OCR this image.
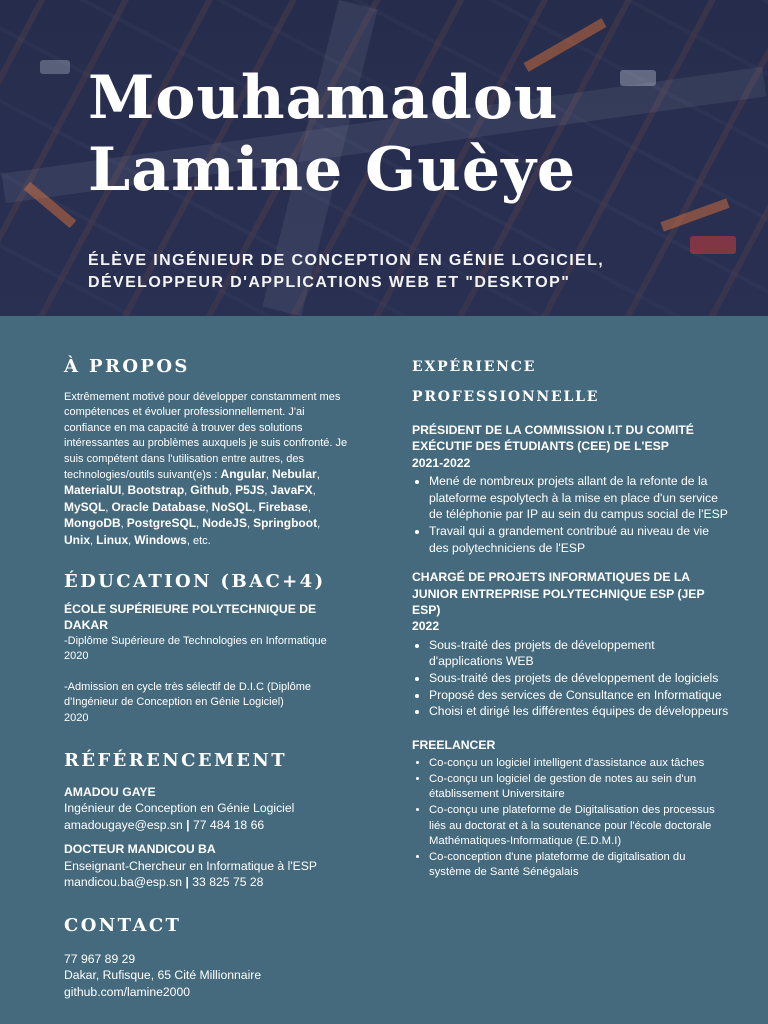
Mouhamadou
Lamine Guèye
ÉLÈVE INGÉNIEUR DE CONCEPTION EN GÉNIE LOGICIEL,
DÉVELOPPEUR D'APPLICATIONS WEB ET "DESKTOP"
À PROPOS

Extrêmement motivé pour développer constamment mes compétences et évoluer professionnellement. J'ai confiance en ma capacité à trouver des solutions intéressantes au problèmes auxquels je suis confronté. Je suis compétent dans l'utilisation entre autres, des technologies/outils suivant(e)s : Angular, Nebular, MaterialUI, Bootstrap, Github, P5JS, JavaFX, MySQL, Oracle Database, NoSQL, Firebase, MongoDB, PostgreSQL, NodeJS, Springboot, Unix, Linux, Windows, etc.

ÉDUCATION (BAC+4)

ÉCOLE SUPÉRIEURE POLYTECHNIQUE DE DAKAR

-Diplôme Supérieure de Technologies en Informatique 2020

-Admission en cycle très sélectif de D.I.C (Diplôme d'Ingénieur de Conception en Génie Logiciel)

2020

RÉFÉRENCEMENT

AMADOU GAYE

Ingénieur de Conception en Génie Logiciel

amadougaye@esp.sn | 77 484 18 66

DOCTEUR MANDICOU BA

Enseignant-Chercheur en Informatique à l'ESP

mandicou.ba@esp.sn | 33 825 75 28

CONTACT

77 967 89 29

Dakar, Rufisque, 65 Cité Millionnaire

github.com/lamine2000

EXPÉRIENCE PROFESSIONNELLE

PRÉSIDENT DE LA COMMISSION I.T DU COMITÉ EXÉCUTIF DES ÉTUDIANTS (CEE) DE L'ESP

2021-2022

• Mené de nombreux projets allant de la refonte de la plateforme espolytech à la mise en place d'un service de téléphonie par IP au sein du campus social de l'ESP
• Travail qui a grandement contribué au niveau de vie des polytechniciens de l'ESP

CHARGÉ DE PROJETS INFORMATIQUES DE LA JUNIOR ENTREPRISE POLYTECHNIQUE ESP (JEP ESP)

2022

• Sous-traité des projets de développement d'applications WEB
• Sous-traité des projets de développement de logiciels
• Proposé des services de Consultance en Informatique
• Choisi et dirigé les différentes équipes de développeurs

FREELANCER

• Co-conçu un logiciel intelligent d'assistance aux tâches
• Co-conçu un logiciel de gestion de notes au sein d'un établissement Universitaire
• Co-conçu une plateforme de Digitalisation des processus liés au doctorat et à la soutenance pour l'école doctorale Mathématiques-Informatique (E.D.M.I)
• Co-conception d'une plateforme de digitalisation du système de Santé Sénégalais
